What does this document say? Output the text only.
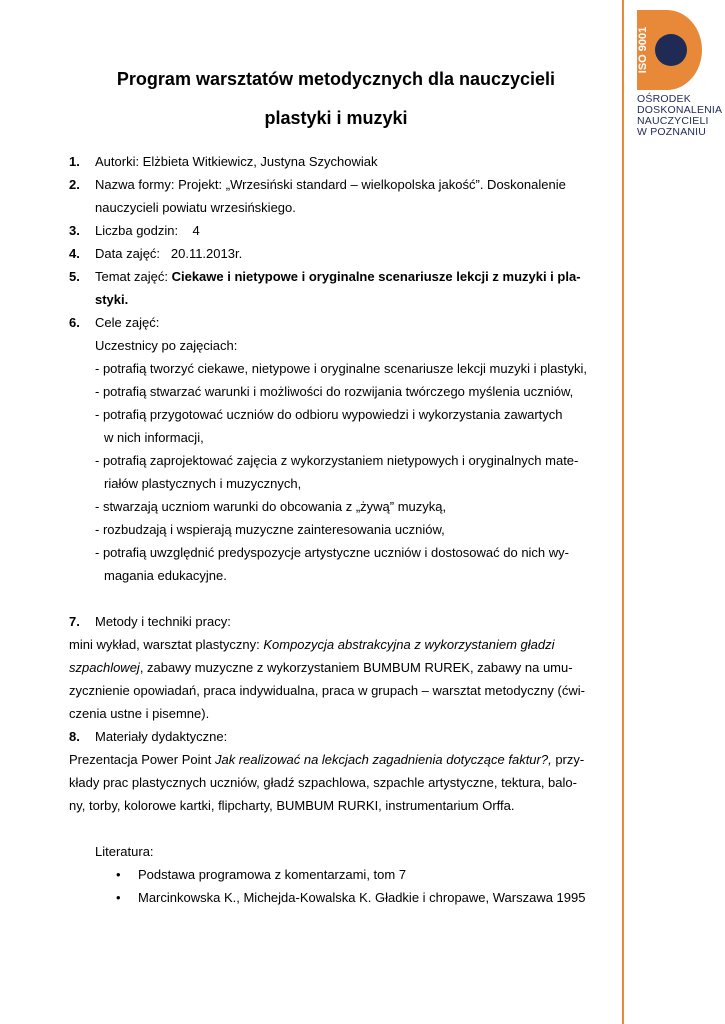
ISO 9001
OŚRODEK
DOSKONALENIA
NAUCZYCIELI
W POZNANIU
Program warsztatów metodycznych dla nauczycieli
plastyki i muzyki
1.	Autorki: Elżbieta Witkiewicz, Justyna Szychowiak
2.	Nazwa formy: Projekt: „Wrzesiński standard – wielkopolska jakość”. Doskonalenie
nauczycieli powiatu wrzesińskiego.
3.	Liczba godzin:    4
4.	Data zajęć:   20.11.2013r.
5.	Temat zajęć: Ciekawe i nietypowe i oryginalne scenariusze lekcji z muzyki i pla-
styki.
6.	Cele zajęć:
Uczestnicy po zajęciach:
- potrafią tworzyć ciekawe, nietypowe i oryginalne scenariusze lekcji muzyki i plastyki,
- potrafią stwarzać warunki i możliwości do rozwijania twórczego myślenia uczniów,
- potrafią przygotować uczniów do odbioru wypowiedzi i wykorzystania zawartych
w nich informacji,
- potrafią zaprojektować zajęcia z wykorzystaniem nietypowych i oryginalnych mate-
riałów plastycznych i muzycznych,
- stwarzają uczniom warunki do obcowania z „żywą” muzyką,
- rozbudzają i wspierają muzyczne zainteresowania uczniów,
- potrafią uwzględnić predyspozycje artystyczne uczniów i dostosować do nich wy-
magania edukacyjne.
7.	Metody i techniki pracy:
mini wykład, warsztat plastyczny: Kompozycja abstrakcyjna z wykorzystaniem gładzi
szpachlowej, zabawy muzyczne z wykorzystaniem BUMBUM RUREK, zabawy na umu-
zycznienie opowiadań, praca indywidualna, praca w grupach – warsztat metodyczny (ćwi-
czenia ustne i pisemne).
8.	Materiały dydaktyczne:
Prezentacja Power Point Jak realizować na lekcjach zagadnienia dotyczące faktur?, przy-
kłady prac plastycznych uczniów, gładź szpachlowa, szpachle artystyczne, tektura, balo-
ny, torby, kolorowe kartki, flipcharty, BUMBUM RURKI, instrumentarium Orffa.
Literatura:
• Podstawa programowa z komentarzami, tom 7
• Marcinkowska K., Michejda-Kowalska K. Gładkie i chropawe, Warszawa 1995
